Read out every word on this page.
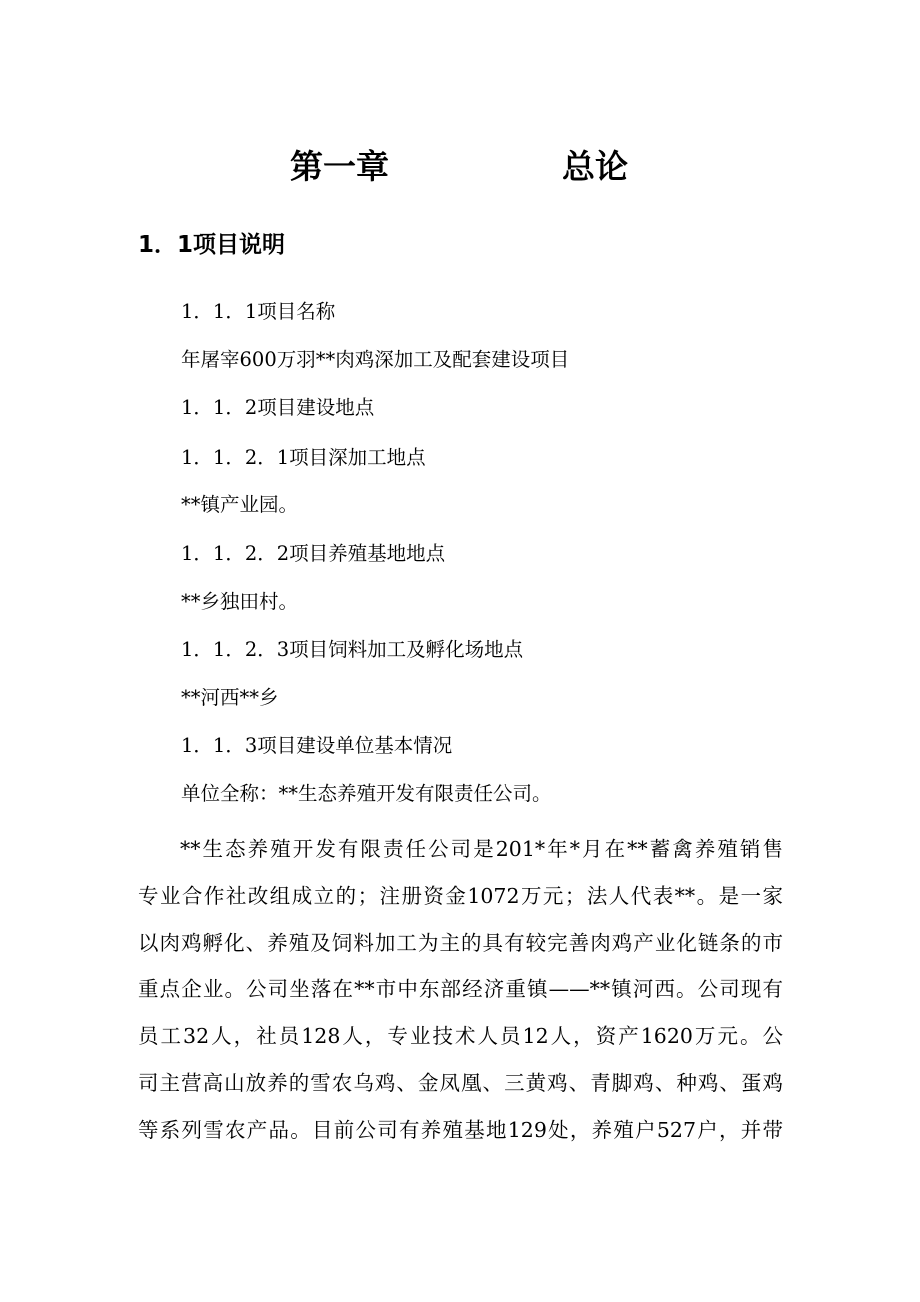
第一章	总论
1．1项目说明
1．1．1项目名称
年屠宰600万羽**肉鸡深加工及配套建设项目
1．1．2项目建设地点
1．1．2．1项目深加工地点
**镇产业园。
1．1．2．2项目养殖基地地点
**乡独田村。
1．1．2．3项目饲料加工及孵化场地点
**河西**乡
1．1．3项目建设单位基本情况
单位全称：**生态养殖开发有限责任公司。
**生态养殖开发有限责任公司是201*年*月在**蓄禽养殖销售
专业合作社改组成立的；注册资金1072万元；法人代表**。是一家
以肉鸡孵化、养殖及饲料加工为主的具有较完善肉鸡产业化链条的市
重点企业。公司坐落在**市中东部经济重镇——**镇河西。公司现有
员工32人，社员128人，专业技术人员12人，资产1620万元。公
司主营高山放养的雪农乌鸡、金凤凰、三黄鸡、青脚鸡、种鸡、蛋鸡
等系列雪农产品。目前公司有养殖基地129处，养殖户527户，并带
